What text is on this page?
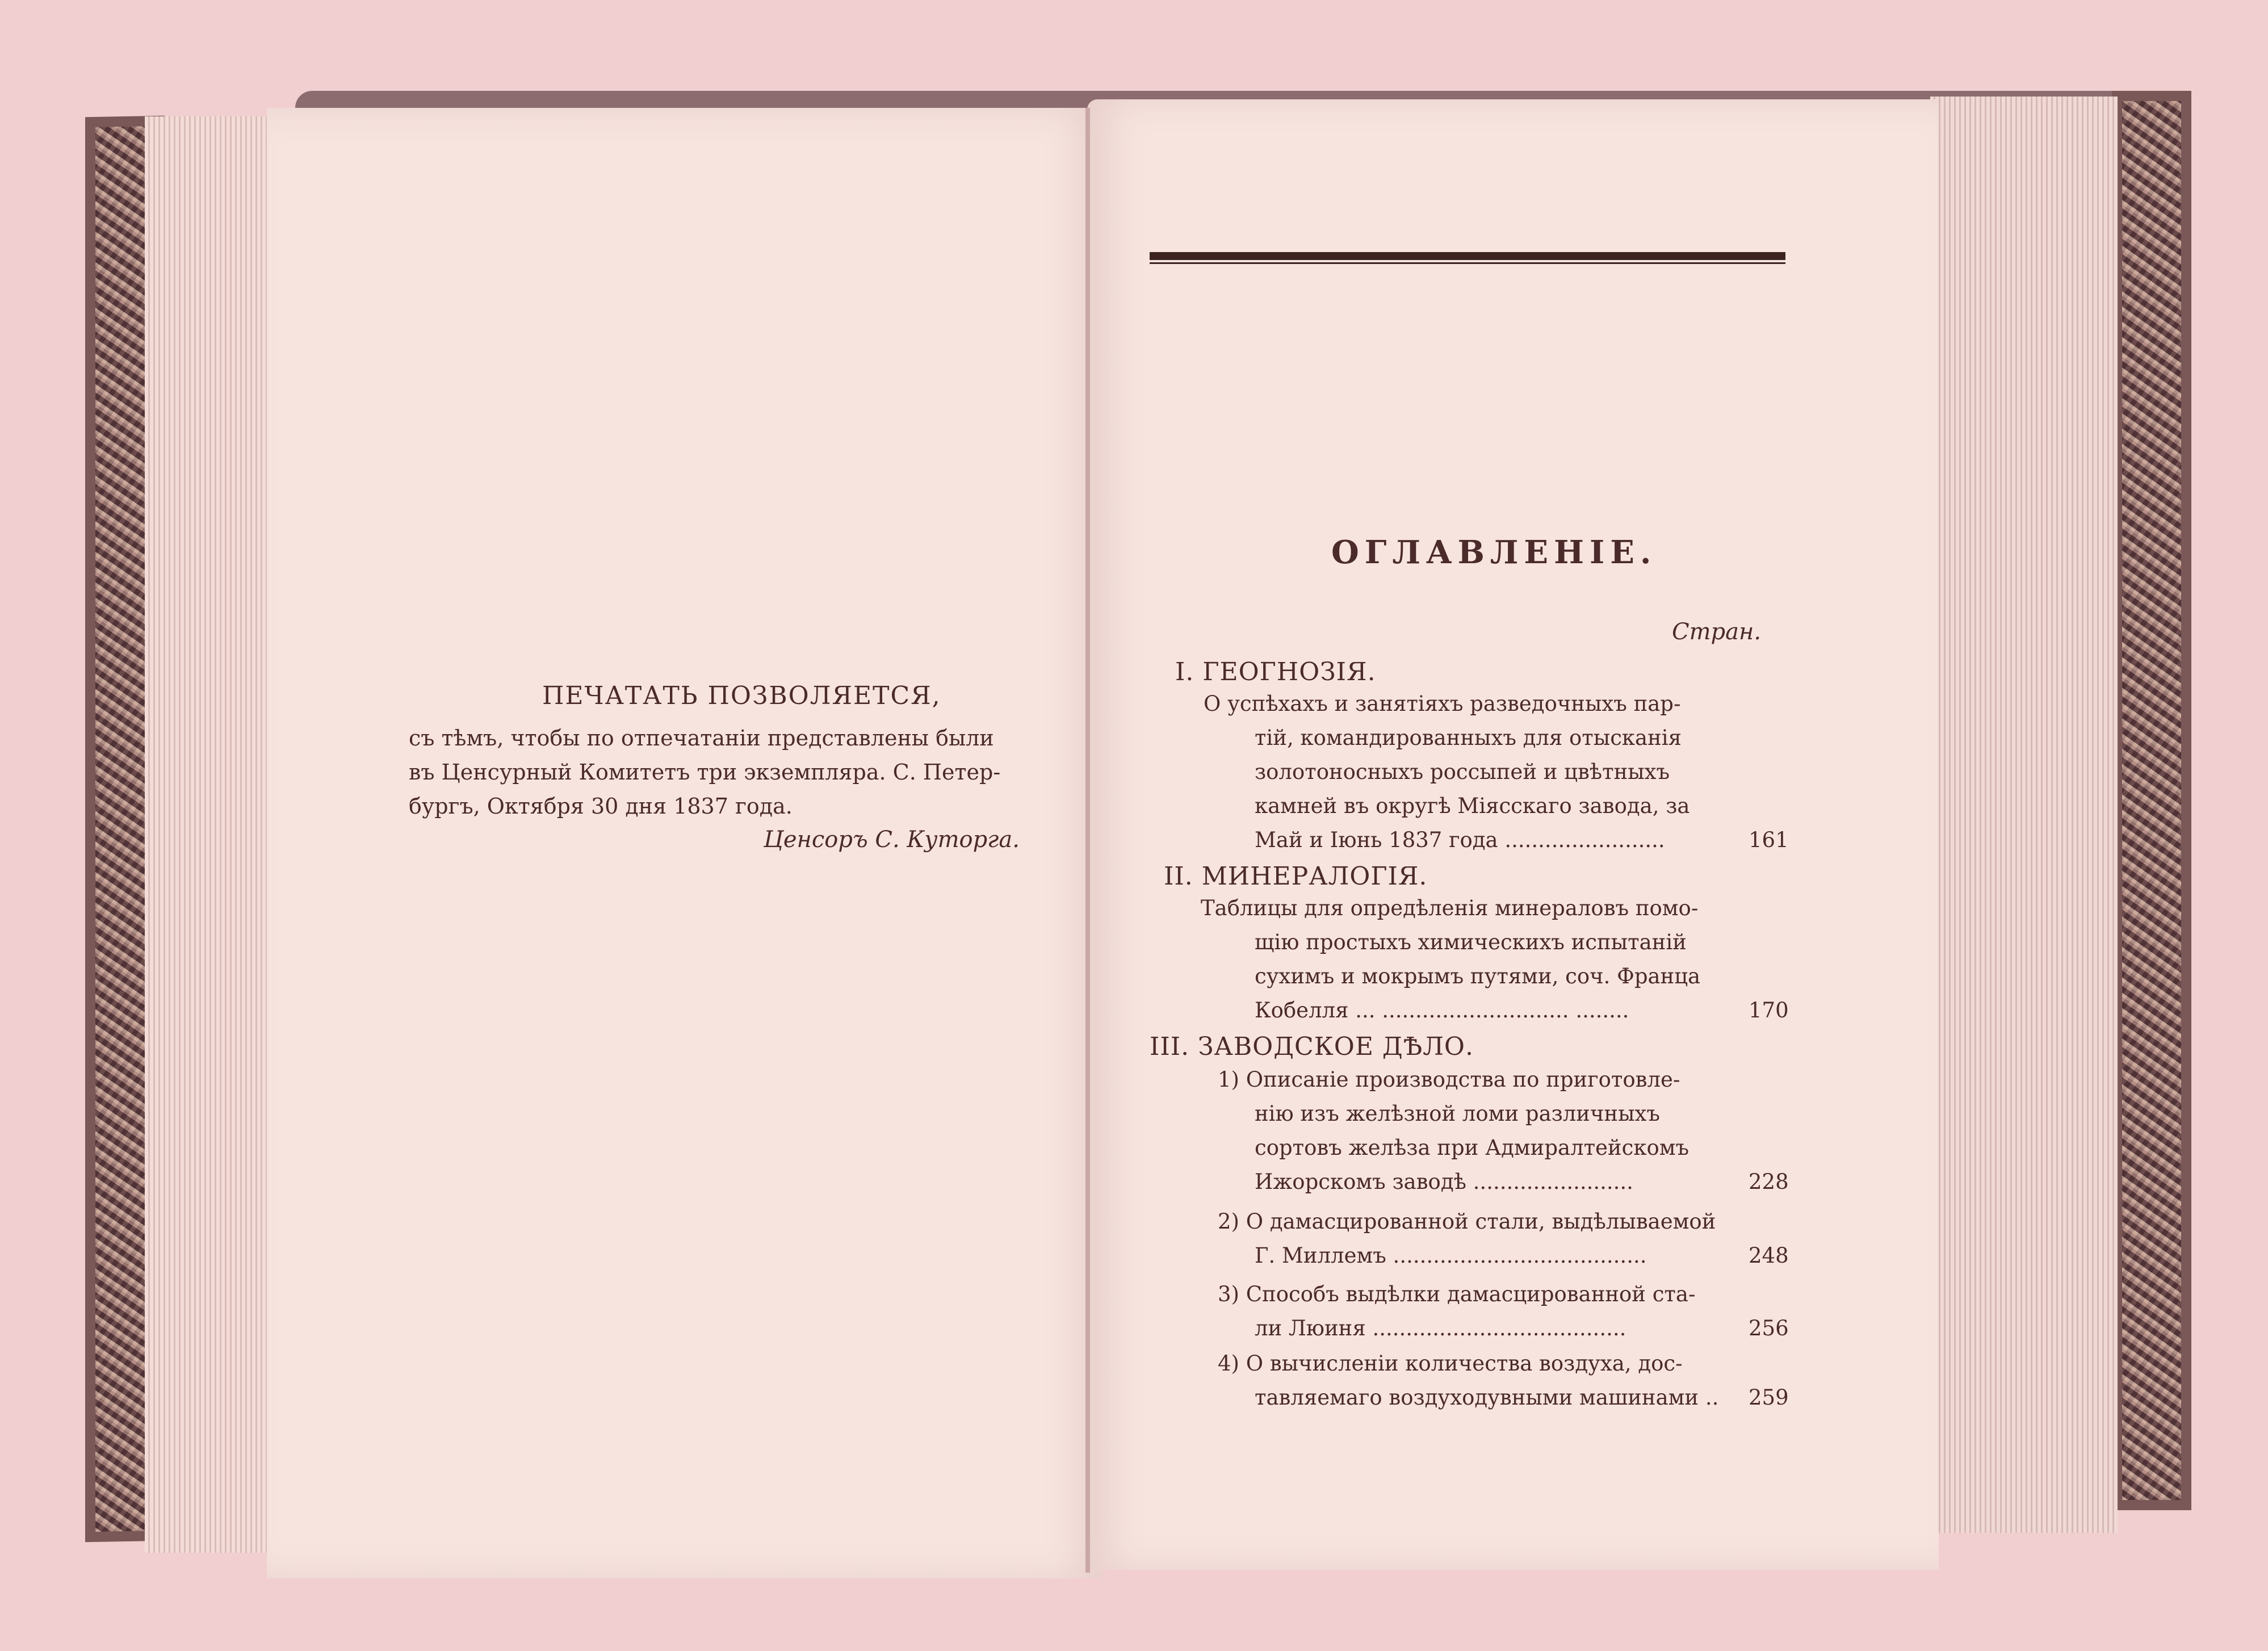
ПЕЧАТАТЬ ПОЗВОЛЯЕТСЯ,
съ тѣмъ, чтобы по отпечатаніи представлены были
въ Ценсурный Комитетъ три экземпляра. С. Петер-
бургъ, Октября 30 дня 1837 года.
Ценсоръ С. Куторга.
ОГЛАВЛЕНІЕ.
Стран.
I. ГЕОГНОЗІЯ.
О успѣхахъ и занятіяхъ разведочныхъ пар-
тій, командированныхъ для отысканія
золотоносныхъ россыпей и цвѣтныхъ
камней въ округѣ Міясскаго завода, за
Май и Іюнь 1837 года ........................	161
II. МИНЕРАЛОГІЯ.
Таблицы для опредѣленія минераловъ помо-
щію простыхъ химическихъ испытаній
сухимъ и мокрымъ путями, соч. Франца
Кобелля ... ............................ ........	170
III. ЗАВОДСКОЕ ДѢЛО.
1) Описаніе производства по приготовле-
нію изъ желѣзной ломи различныхъ
сортовъ желѣза при Адмиралтейскомъ
Ижорскомъ заводѣ ........................	228
2) О дамасцированной стали, выдѣлываемой
Г. Миллемъ ......................................	248
3) Способъ выдѣлки дамасцированной ста-
ли Люиня ......................................	256
4) О вычисленіи количества воздуха, дос-
тавляемаго воздуходувными машинами .. 259
